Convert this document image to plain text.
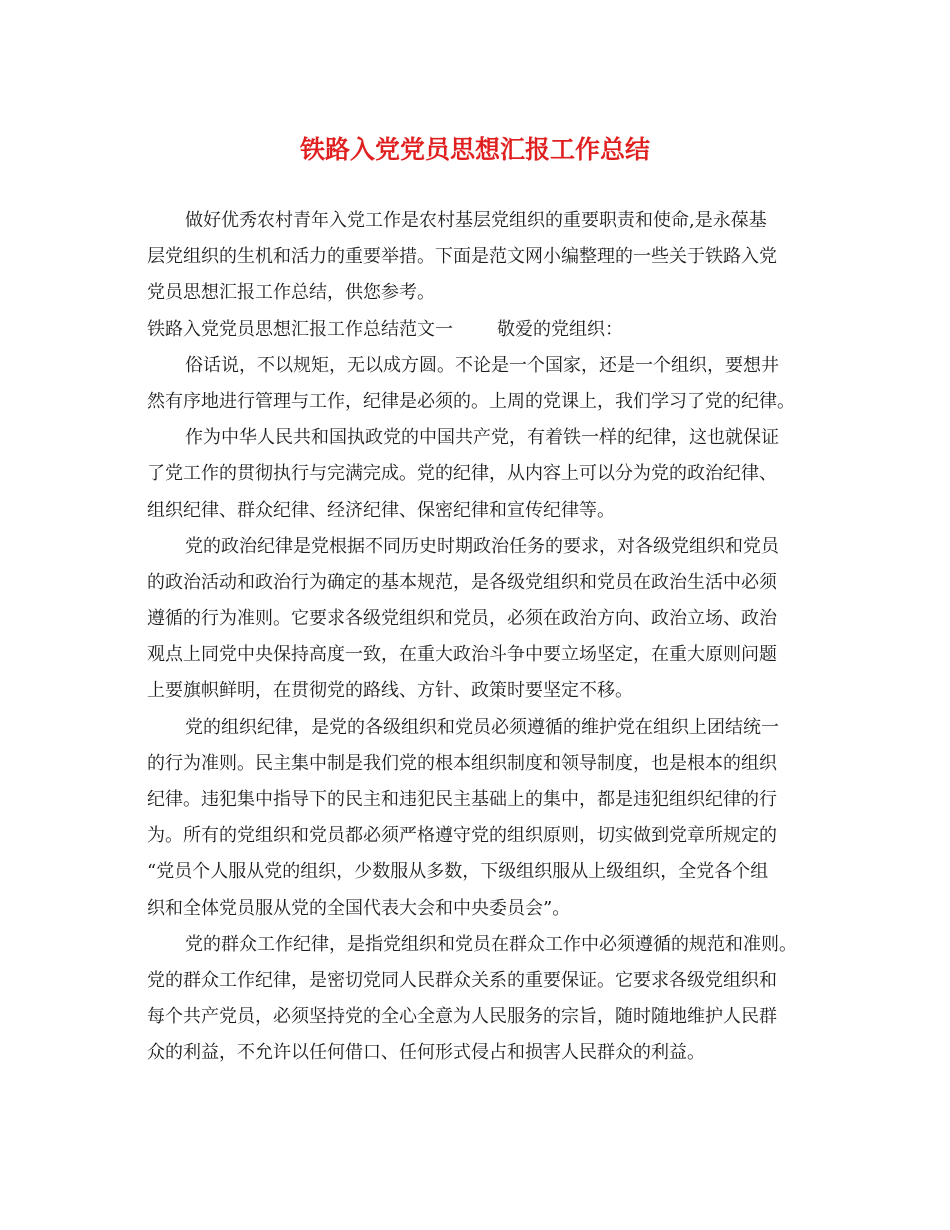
铁路入党党员思想汇报工作总结
做好优秀农村青年入党工作是农村基层党组织的重要职责和使命,是永葆基
层党组织的生机和活力的重要举措。下面是范文网小编整理的一些关于铁路入党
党员思想汇报工作总结，供您参考。
铁路入党党员思想汇报工作总结范文一 敬爱的党组织：
俗话说，不以规矩，无以成方圆。不论是一个国家，还是一个组织，要想井
然有序地进行管理与工作，纪律是必须的。上周的党课上，我们学习了党的纪律。
作为中华人民共和国执政党的中国共产党，有着铁一样的纪律，这也就保证
了党工作的贯彻执行与完满完成。党的纪律，从内容上可以分为党的政治纪律、
组织纪律、群众纪律、经济纪律、保密纪律和宣传纪律等。
党的政治纪律是党根据不同历史时期政治任务的要求，对各级党组织和党员
的政治活动和政治行为确定的基本规范，是各级党组织和党员在政治生活中必须
遵循的行为准则。它要求各级党组织和党员，必须在政治方向、政治立场、政治
观点上同党中央保持高度一致，在重大政治斗争中要立场坚定，在重大原则问题
上要旗帜鲜明，在贯彻党的路线、方针、政策时要坚定不移。
党的组织纪律，是党的各级组织和党员必须遵循的维护党在组织上团结统一
的行为准则。民主集中制是我们党的根本组织制度和领导制度，也是根本的组织
纪律。违犯集中指导下的民主和违犯民主基础上的集中，都是违犯组织纪律的行
为。所有的党组织和党员都必须严格遵守党的组织原则，切实做到党章所规定的
“党员个人服从党的组织，少数服从多数，下级组织服从上级组织，全党各个组
织和全体党员服从党的全国代表大会和中央委员会”。
党的群众工作纪律，是指党组织和党员在群众工作中必须遵循的规范和准则。
党的群众工作纪律，是密切党同人民群众关系的重要保证。它要求各级党组织和
每个共产党员，必须坚持党的全心全意为人民服务的宗旨，随时随地维护人民群
众的利益，不允许以任何借口、任何形式侵占和损害人民群众的利益。
